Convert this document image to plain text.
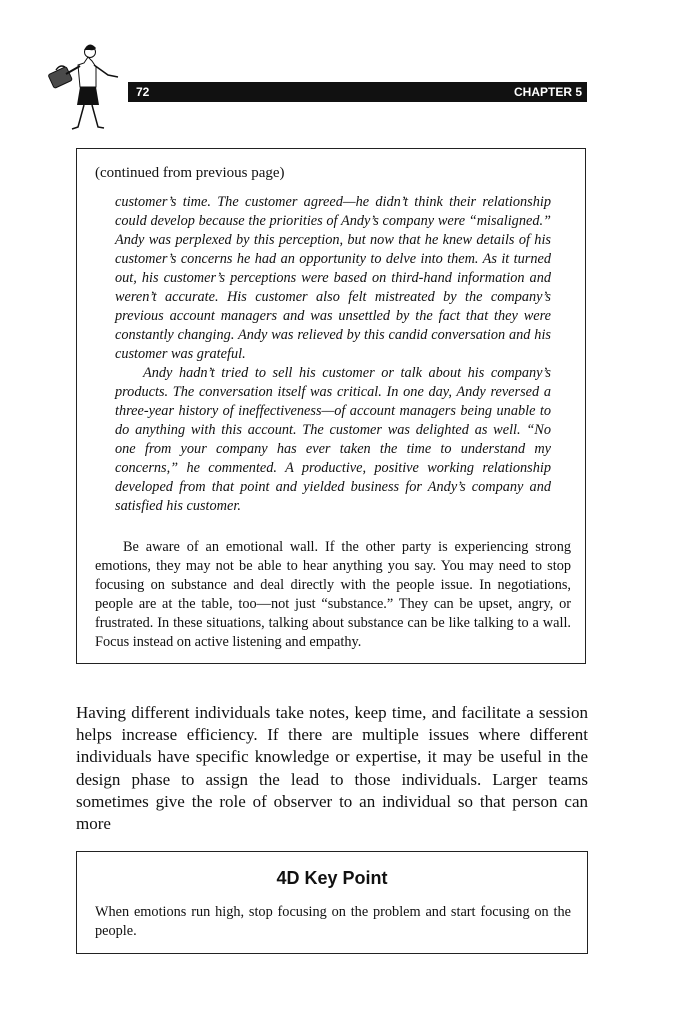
72	CHAPTER 5
(continued from previous page)

customer’s time. The customer agreed—he didn’t think their relationship could develop because the priorities of Andy’s company were “misaligned.” Andy was perplexed by this perception, but now that he knew details of his customer’s concerns he had an opportunity to delve into them. As it turned out, his customer’s perceptions were based on third-hand information and weren’t accurate. His customer also felt mistreated by the company’s previous account managers and was unsettled by the fact that they were constantly changing. Andy was relieved by this candid conversation and his customer was grateful.

Andy hadn’t tried to sell his customer or talk about his company’s products. The conversation itself was critical. In one day, Andy reversed a three-year history of ineffectiveness—of account managers being unable to do anything with this account. The customer was delighted as well. “No one from your company has ever taken the time to understand my concerns,” he commented. A productive, positive working relationship developed from that point and yielded business for Andy’s company and satisfied his customer.

Be aware of an emotional wall. If the other party is experiencing strong emotions, they may not be able to hear anything you say. You may need to stop focusing on substance and deal directly with the people issue. In negotiations, people are at the table, too—not just “substance.” They can be upset, angry, or frustrated. In these situations, talking about substance can be like talking to a wall. Focus instead on active listening and empathy.

Having different individuals take notes, keep time, and facilitate a session helps increase efficiency. If there are multiple issues where different individuals have specific knowledge or expertise, it may be useful in the design phase to assign the lead to those individuals. Larger teams sometimes give the role of observer to an individual so that person can more

4D Key Point

When emotions run high, stop focusing on the problem and start focusing on the people.
